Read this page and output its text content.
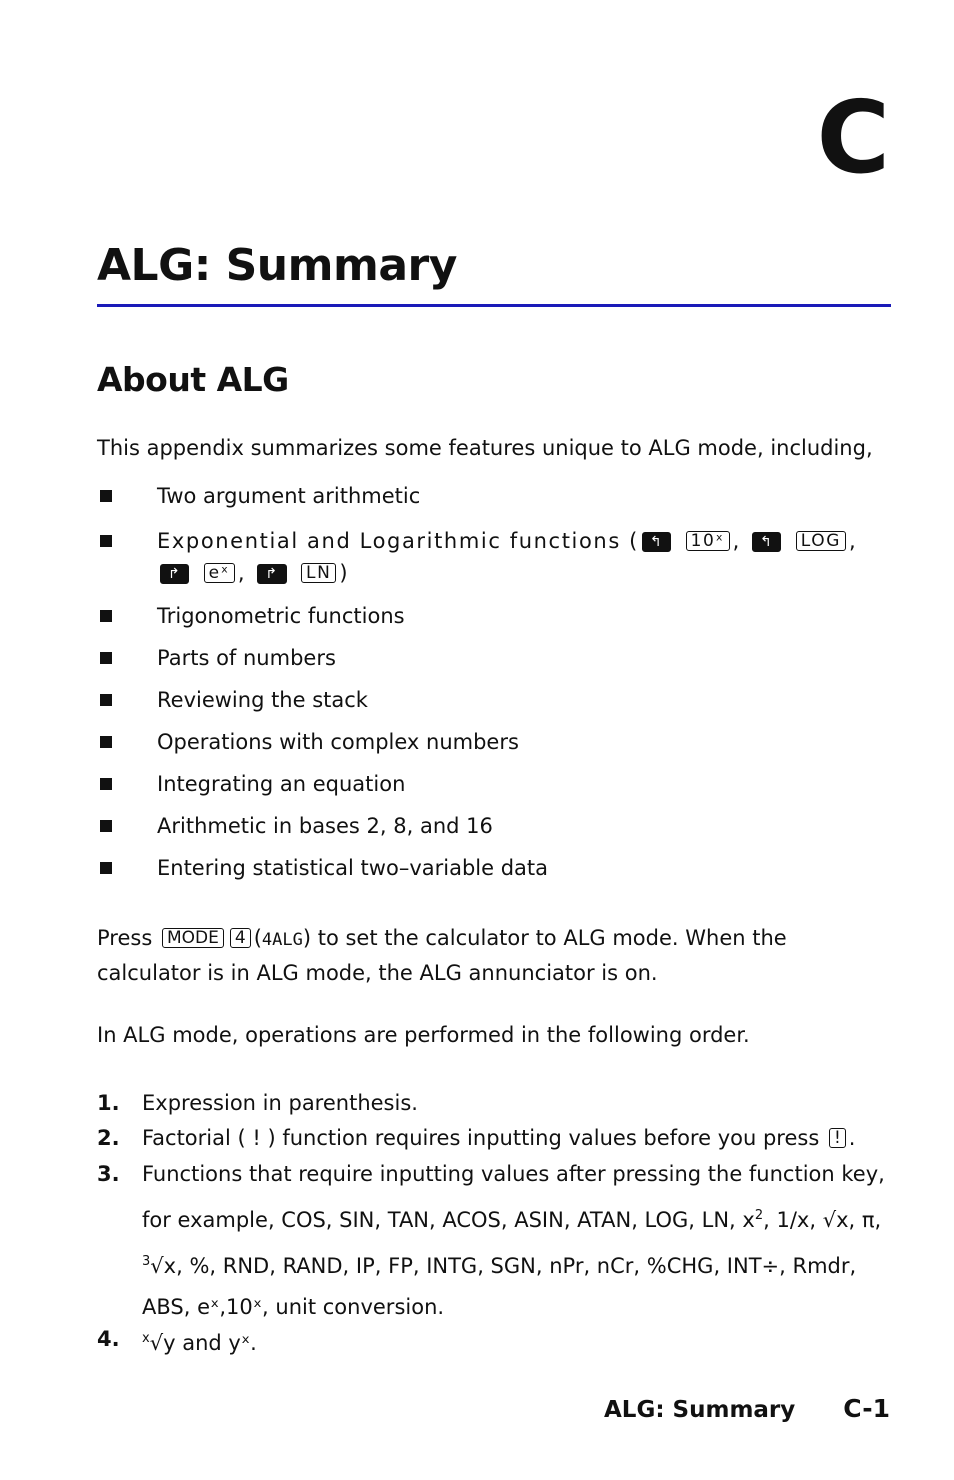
C
ALG: Summary
About ALG

This appendix summarizes some features unique to ALG mode, including,

Two argument arithmetic
Exponential and Logarithmic functions ( ↰ 10ˣ , ↰ LOG ,
↱ eˣ , ↱ LN )
Trigonometric functions
Parts of numbers
Reviewing the stack
Operations with complex numbers
Integrating an equation
Arithmetic in bases 2, 8, and 16
Entering statistical two–variable data

Press MODE 4 (4ALG) to set the calculator to ALG mode. When the calculator is in ALG mode, the ALG annunciator is on.

In ALG mode, operations are performed in the following order.

1. Expression in parenthesis.
2. Factorial ( ! ) function requires inputting values before you press ! .
3. Functions that require inputting values after pressing the function key, for example, COS, SIN, TAN, ACOS, ASIN, ATAN, LOG, LN, $x^2$, 1/x, √x, π,
$^3$√x, %, RND, RAND, IP, FP, INTG, SGN, nPr, nCr, %CHG, INT÷, Rmdr, ABS, eˣ,10ˣ, unit conversion.
4. $^x$√y and yˣ.
ALG: Summary C-1
